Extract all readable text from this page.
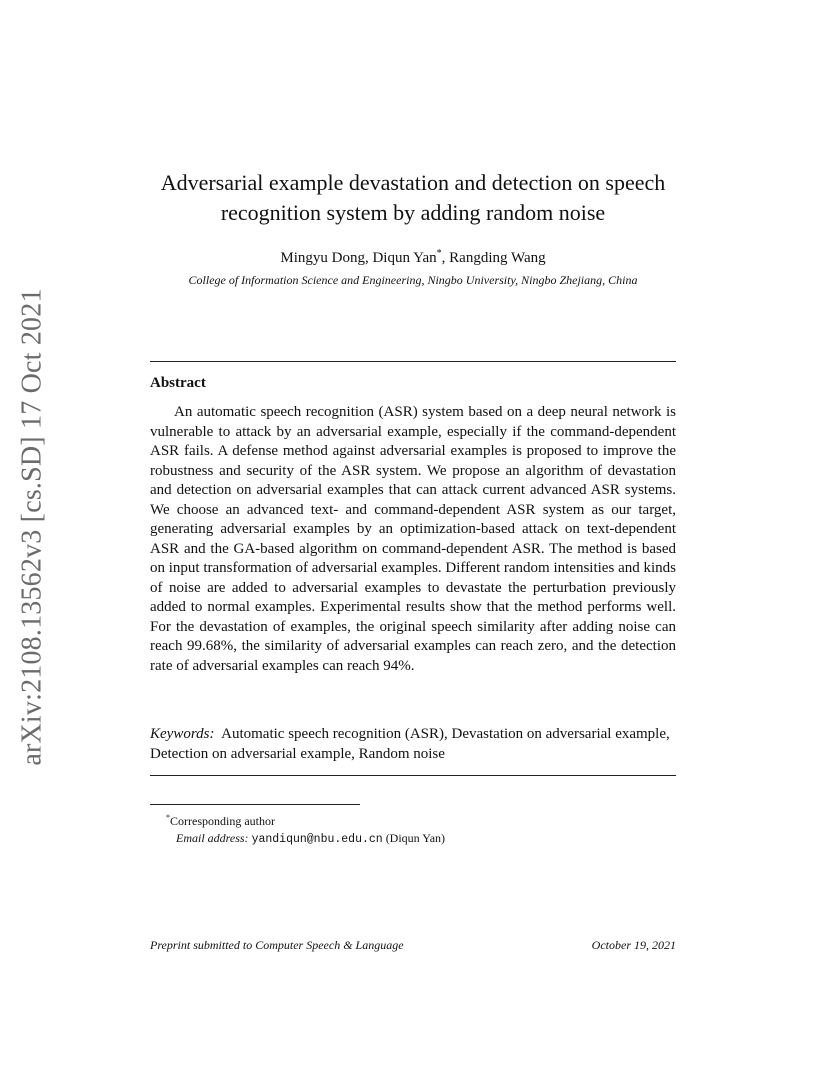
arXiv:2108.13562v3 [cs.SD] 17 Oct 2021
Adversarial example devastation and detection on speech recognition system by adding random noise
Mingyu Dong, Diqun Yan*, Rangding Wang
College of Information Science and Engineering, Ningbo University, Ningbo Zhejiang, China
Abstract
An automatic speech recognition (ASR) system based on a deep neural network is vulnerable to attack by an adversarial example, especially if the command-dependent ASR fails. A defense method against adversarial examples is proposed to improve the robustness and security of the ASR system. We propose an algorithm of devastation and detection on adversarial examples that can attack current advanced ASR systems. We choose an advanced text- and command-dependent ASR system as our target, generating adversarial examples by an optimization-based attack on text-dependent ASR and the GA-based algorithm on command-dependent ASR. The method is based on input transformation of adversarial examples. Different random intensities and kinds of noise are added to adversarial examples to devastate the perturbation previously added to normal examples. Experimental results show that the method performs well. For the devastation of examples, the original speech similarity after adding noise can reach 99.68%, the similarity of adversarial examples can reach zero, and the detection rate of adversarial examples can reach 94%.
Keywords: Automatic speech recognition (ASR), Devastation on adversarial example, Detection on adversarial example, Random noise
*Corresponding author
Email address: yandiqun@nbu.edu.cn (Diqun Yan)
Preprint submitted to Computer Speech & Language	October 19, 2021
